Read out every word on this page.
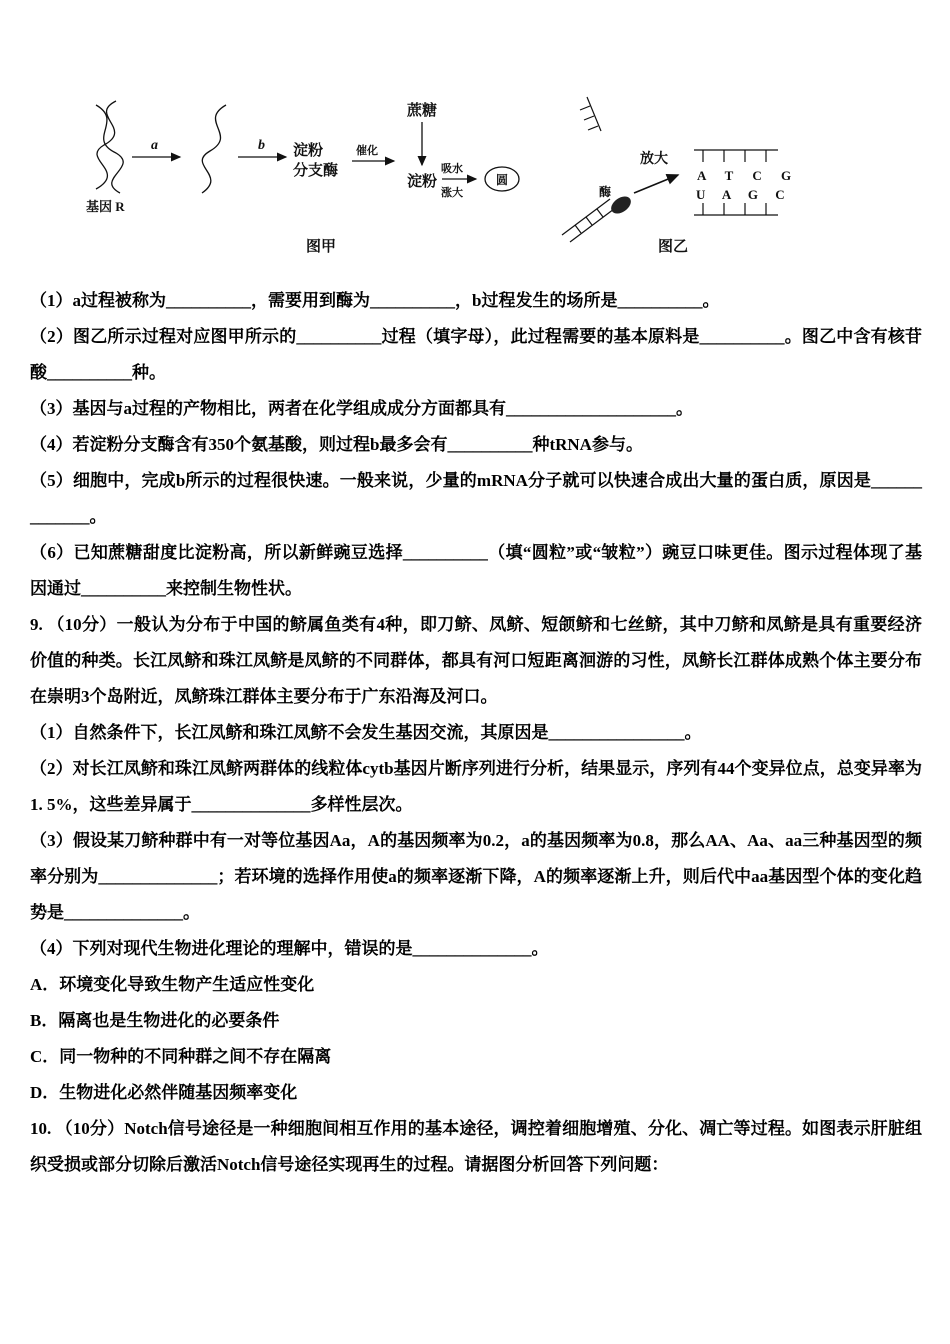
基因 R
a	b 淀粉
分支酶
催化
蔗糖
淀粉
吸水
涨大
圆
图甲
酶
放大
A T C G
U A G C
图乙

（1）a过程被称为__________，需要用到酶为__________，b过程发生的场所是__________。

（2）图乙所示过程对应图甲所示的__________过程（填字母），此过程需要的基本原料是__________。图乙中含有核苷酸__________种。

（3）基因与a过程的产物相比，两者在化学组成成分方面都具有____________________。

（4）若淀粉分支酶含有350个氨基酸，则过程b最多会有__________种tRNA参与。

（5）细胞中，完成b所示的过程很快速。一般来说，少量的mRNA分子就可以快速合成出大量的蛋白质，原因是_____________。

（6）已知蔗糖甜度比淀粉高，所以新鲜豌豆选择__________（填“圆粒”或“皱粒”）豌豆口味更佳。图示过程体现了基因通过__________来控制生物性状。

9. （10分）一般认为分布于中国的鲚属鱼类有4种，即刀鲚、凤鲚、短颌鲚和七丝鲚，其中刀鲚和凤鲚是具有重要经济价值的种类。长江凤鲚和珠江凤鲚是凤鲚的不同群体，都具有河口短距离洄游的习性，凤鲚长江群体成熟个体主要分布在崇明3个岛附近，凤鲚珠江群体主要分布于广东沿海及河口。

（1）自然条件下，长江凤鲚和珠江凤鲚不会发生基因交流，其原因是________________。

（2）对长江凤鲚和珠江凤鲚两群体的线粒体cytb基因片断序列进行分析，结果显示，序列有44个变异位点，总变异率为1. 5%，这些差异属于______________多样性层次。

（3）假设某刀鲚种群中有一对等位基因Aa，A的基因频率为0.2，a的基因频率为0.8，那么AA、Aa、aa三种基因型的频率分别为______________；若环境的选择作用使a的频率逐渐下降，A的频率逐渐上升，则后代中aa基因型个体的变化趋势是______________。

（4）下列对现代生物进化理论的理解中，错误的是______________。

A．环境变化导致生物产生适应性变化

B．隔离也是生物进化的必要条件

C．同一物种的不同种群之间不存在隔离

D．生物进化必然伴随基因频率变化

10. （10分）Notch信号途径是一种细胞间相互作用的基本途径，调控着细胞增殖、分化、凋亡等过程。如图表示肝脏组织受损或部分切除后激活Notch信号途径实现再生的过程。请据图分析回答下列问题：
